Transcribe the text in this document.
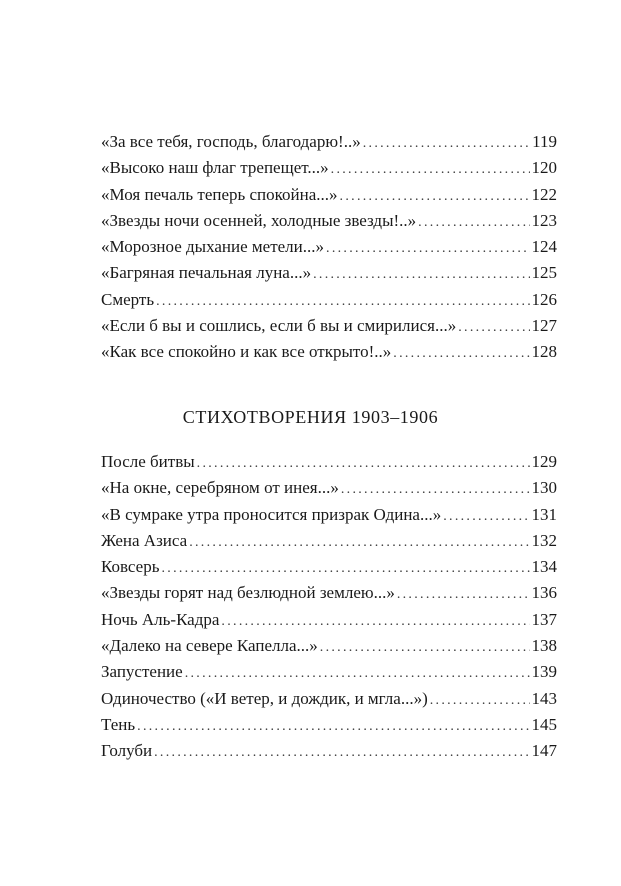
«За все тебя, господь, благодарю!..» .....	119
«Высоко наш флаг трепещет...» .....	120
«Моя печаль теперь спокойна...» .....	122
«Звезды ночи осенней, холодные звезды!..» .....	123
«Морозное дыхание метели...» .....	124
«Багряная печальная луна...» .....	125
Смерть .....	126
«Если б вы и сошлись, если б вы и смирилися...» .....	127
«Как все спокойно и как все открыто!..» .....	128
СТИХОТВОРЕНИЯ 1903–1906
После битвы .....	129
«На окне, серебряном от инея...» .....	130
«В сумраке утра проносится призрак Одина...» .....	131
Жена Азиса .....	132
Ковсерь .....	134
«Звезды горят над безлюдной землею...» .....	136
Ночь Аль-Кадра .....	137
«Далеко на севере Капелла...» .....	138
Запустение .....	139
Одиночество («И ветер, и дождик, и мгла...») .....	143
Тень .....	145
Голуби .....	147
